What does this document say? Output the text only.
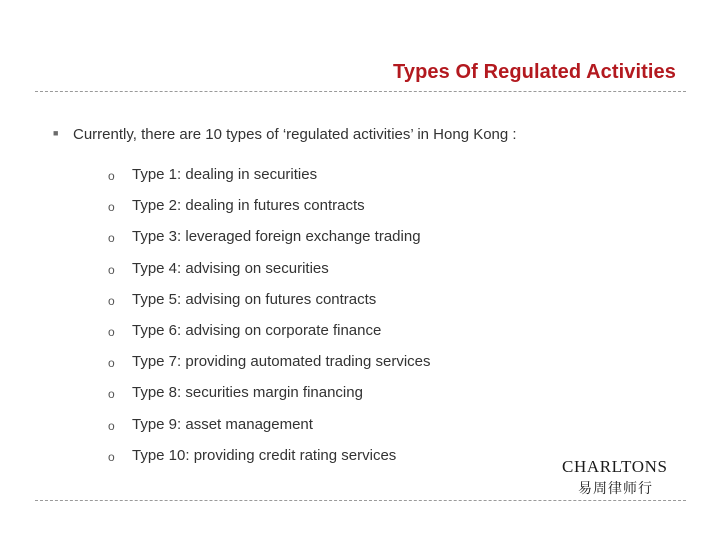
Types Of Regulated Activities
■ Currently, there are 10 types of ‘regulated activities’ in Hong Kong :
o Type 1: dealing in securities
o Type 2: dealing in futures contracts
o Type 3: leveraged foreign exchange trading
o Type 4: advising on securities
o Type 5: advising on futures contracts
o Type 6: advising on corporate finance
o Type 7: providing automated trading services
o Type 8: securities margin financing
o Type 9: asset management
o Type 10: providing credit rating services
CHARLTONS
易周律师行
